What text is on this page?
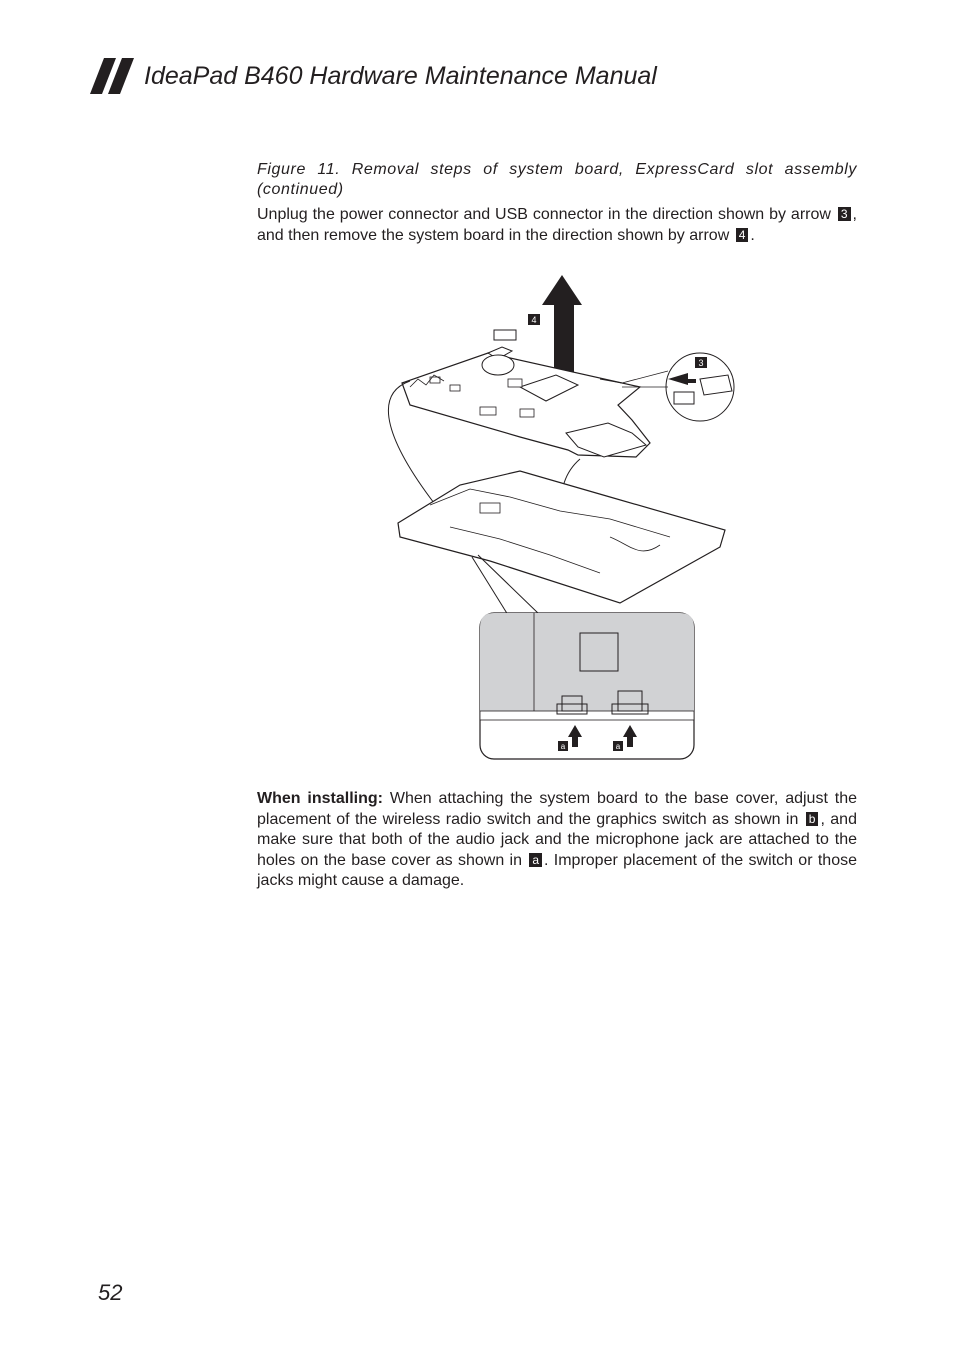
IdeaPad B460 Hardware Maintenance Manual

Figure 11. Removal steps of system board, ExpressCard slot assembly (continued)

Unplug the power connector and USB connector in the direction shown by arrow 3 , and then remove the system board in the direction shown by arrow 4 .

4
3
a	a

When installing: When attaching the system board to the base cover, adjust the placement of the wireless radio switch and the graphics switch as shown in b , and make sure that both of the audio jack and the microphone jack are attached to the holes on the base cover as shown in a . Improper placement of the switch or those jacks might cause a damage.

52
